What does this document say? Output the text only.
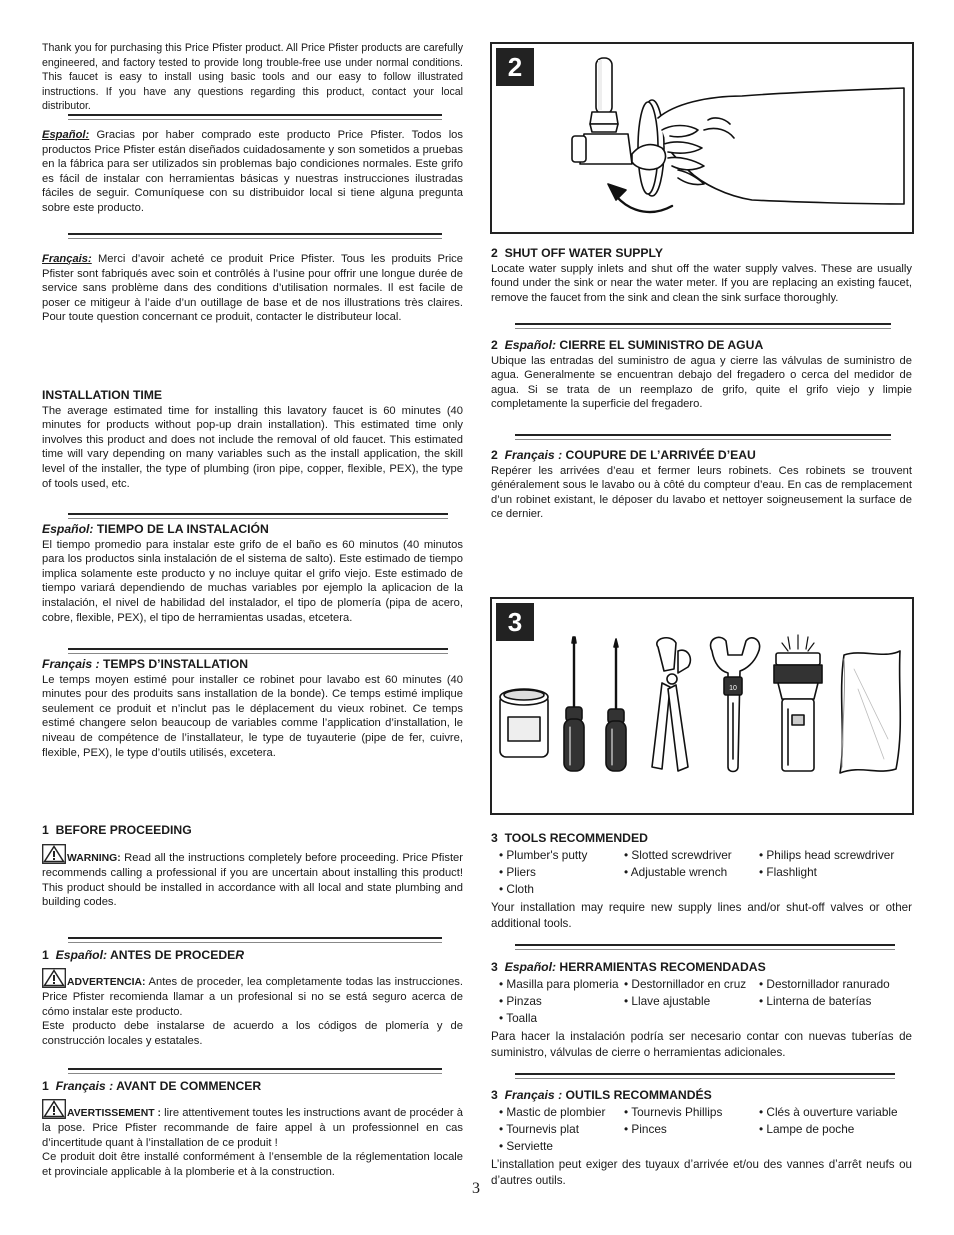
Thank you for purchasing this Price Pfister product. All Price Pfister products are carefully engineered, and factory tested to provide long trouble-free use under normal conditions. This faucet is easy to install using basic tools and our easy to follow illustrated instructions. If you have any questions regarding this product, contact your local distributor.

Español: Gracias por haber comprado este producto Price Pfister. Todos los productos Price Pfister están diseñados cuidadosamente y son sometidos a pruebas en la fábrica para ser utilizados sin problemas bajo condiciones normales. Este grifo es fácil de instalar con herramientas básicas y nuestras instrucciones ilustradas fáciles de seguir. Comuníquese con su distribuidor local si tiene alguna pregunta sobre este producto.

Français: Merci d’avoir acheté ce produit Price Pfister. Tous les produits Price Pfister sont fabriqués avec soin et contrôlés à l’usine pour offrir une longue durée de service sans problème dans des conditions d’utilisation normales. Il est facile de poser ce mitigeur à l’aide d’un outillage de base et de nos illustrations très claires. Pour toute question concernant ce produit, contacter le distributeur local.

INSTALLATION TIME

The average estimated time for installing this lavatory faucet is 60 minutes (40 minutes for products without pop-up drain installation). This estimated time only involves this product and does not include the removal of old faucet. This estimated time will vary depending on many variables such as the install application, the skill level of the installer, the type of plumbing (iron pipe, copper, flexible, PEX), the type of tools used, etc.

Español: TIEMPO DE LA INSTALACIÓN

El tiempo promedio para instalar este grifo de el baño es 60 minutos (40 minutos para los productos sinla instalación de el sistema de salto). Este estimado de tiempo implica solamente este producto y no incluye quitar el grifo viejo. Este estimado de tiempo variará dependiendo de muchas variables por ejemplo la aplicacion de la instalación, el nivel de habilidad del instalador, el tipo de plomería (pipa de acero, cobre, flexible, PEX), el tipo de herramientas usadas, etcetera.

Français : TEMPS D’INSTALLATION

Le temps moyen estimé pour installer ce robinet pour lavabo est 60 minutes (40 minutes pour des produits sans installation de la bonde). Ce temps estimé implique seulement ce produit et n’inclut pas le déplacement du vieux robinet. Ce temps estimé changere selon beaucoup de variables comme l’application d’installation, le niveau de compétence de l’installateur, le type de tuyauterie (pipe de fer, cuivre, flexible, PEX), le type d’outils utilisés, excetera.

1 BEFORE PROCEEDING

WARNING: Read all the instructions completely before proceeding. Price Pfister recommends calling a professional if you are uncertain about installing this product! This product should be installed in accordance with all local and state plumbing and building codes.

1 Español: ANTES DE PROCEDER

ADVERTENCIA: Antes de proceder, lea completamente todas las instrucciones. Price Pfister recomienda llamar a un profesional si no se está seguro acerca de cómo instalar este producto.

Este producto debe instalarse de acuerdo a los códigos de plomería y de construcción locales y estatales.

1 Français : AVANT DE COMMENCER

AVERTISSEMENT : lire attentivement toutes les instructions avant de procéder à la pose. Price Pfister recommande de faire appel à un professionnel en cas d’incertitude quant à l’installation de ce produit !

Ce produit doit être installé conformément à l’ensemble de la réglementation locale et provinciale applicable à la plomberie et à la construction.

2
2 SHUT OFF WATER SUPPLY

Locate water supply inlets and shut off the water supply valves. These are usually found under the sink or near the water meter. If you are replacing an existing faucet, remove the faucet from the sink and clean the sink surface thoroughly.

2 Español: CIERRE EL SUMINISTRO DE AGUA

Ubique las entradas del suministro de agua y cierre las válvulas de suministro de agua. Generalmente se encuentran debajo del fregadero o cerca del medidor de agua. Si se trata de un reemplazo de grifo, quite el grifo viejo y limpie completamente la superficie del fregadero.

2 Français : COUPURE DE L’ARRIVÉE D’EAU

Repérer les arrivées d’eau et fermer leurs robinets. Ces robinets se trouvent généralement sous le lavabo ou à côté du compteur d’eau. En cas de remplacement d’un robinet existant, le déposer du lavabo et nettoyer soigneusement la surface de ce dernier.

3
10
3 TOOLS RECOMMENDED
• Plumber's putty	• Slotted screwdriver	• Philips head screwdriver
• Pliers	• Adjustable wrench	• Flashlight
• Cloth

Your installation may require new supply lines and/or shut-off valves or other additional tools.

3 Español: HERRAMIENTAS RECOMENDADAS
• Masilla para plomeria	• Destornillador en cruz	• Destornillador ranurado
• Pinzas	• Llave ajustable	• Linterna de baterías
• Toalla

Para hacer la instalación podría ser necesario contar con nuevas tuberías de suministro, válvulas de cierre o herramientas adicionales.

3 Français : OUTILS RECOMMANDÉS
• Mastic de plombier	• Tournevis Phillips	• Clés à ouverture variable
• Tournevis plat	• Pinces	• Lampe de poche
• Serviette

L’installation peut exiger des tuyaux d’arrivée et/ou des vannes d’arrêt neufs ou d’autres outils.

3
